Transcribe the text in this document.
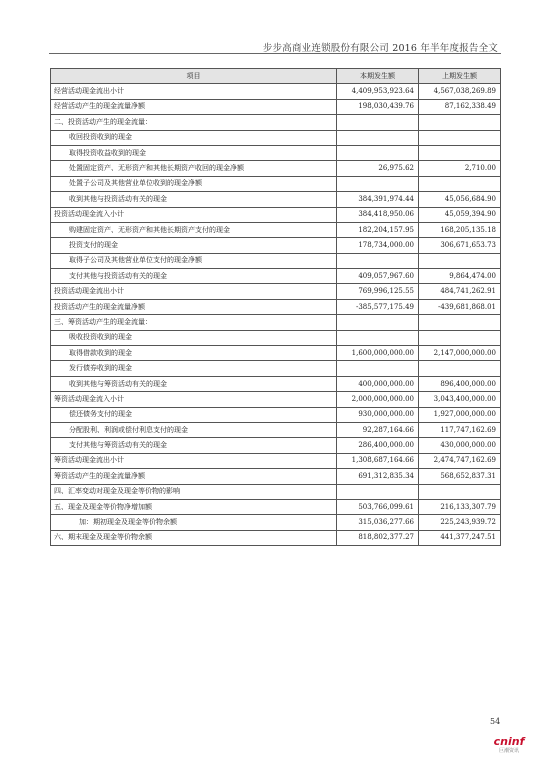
步步高商业连锁股份有限公司 2016 年半年度报告全文
项目	本期发生额	上期发生额
经营活动现金流出小计	4,409,953,923.64	4,567,038,269.89
经营活动产生的现金流量净额	198,030,439.76	87,162,338.49
二、投资活动产生的现金流量：		
收回投资收到的现金		
取得投资收益收到的现金		
处置固定资产、无形资产和其他长期资产收回的现金净额	26,975.62	2,710.00
处置子公司及其他营业单位收到的现金净额		
收到其他与投资活动有关的现金	384,391,974.44	45,056,684.90
投资活动现金流入小计	384,418,950.06	45,059,394.90
购建固定资产、无形资产和其他长期资产支付的现金	182,204,157.95	168,205,135.18
投资支付的现金	178,734,000.00	306,671,653.73
取得子公司及其他营业单位支付的现金净额		
支付其他与投资活动有关的现金	409,057,967.60	9,864,474.00
投资活动现金流出小计	769,996,125.55	484,741,262.91
投资活动产生的现金流量净额	-385,577,175.49	-439,681,868.01
三、筹资活动产生的现金流量：		
吸收投资收到的现金		
取得借款收到的现金	1,600,000,000.00	2,147,000,000.00
发行债券收到的现金		
收到其他与筹资活动有关的现金	400,000,000.00	896,400,000.00
筹资活动现金流入小计	2,000,000,000.00	3,043,400,000.00
偿还债务支付的现金	930,000,000.00	1,927,000,000.00
分配股利、利润或偿付利息支付的现金	92,287,164.66	117,747,162.69
支付其他与筹资活动有关的现金	286,400,000.00	430,000,000.00
筹资活动现金流出小计	1,308,687,164.66	2,474,747,162.69
筹资活动产生的现金流量净额	691,312,835.34	568,652,837.31
四、汇率变动对现金及现金等价物的影响		
五、现金及现金等价物净增加额	503,766,099.61	216,133,307.79
加：期初现金及现金等价物余额	315,036,277.66	225,243,939.72
六、期末现金及现金等价物余额	818,802,377.27	441,377,247.51
54
cninf
巨潮资讯
